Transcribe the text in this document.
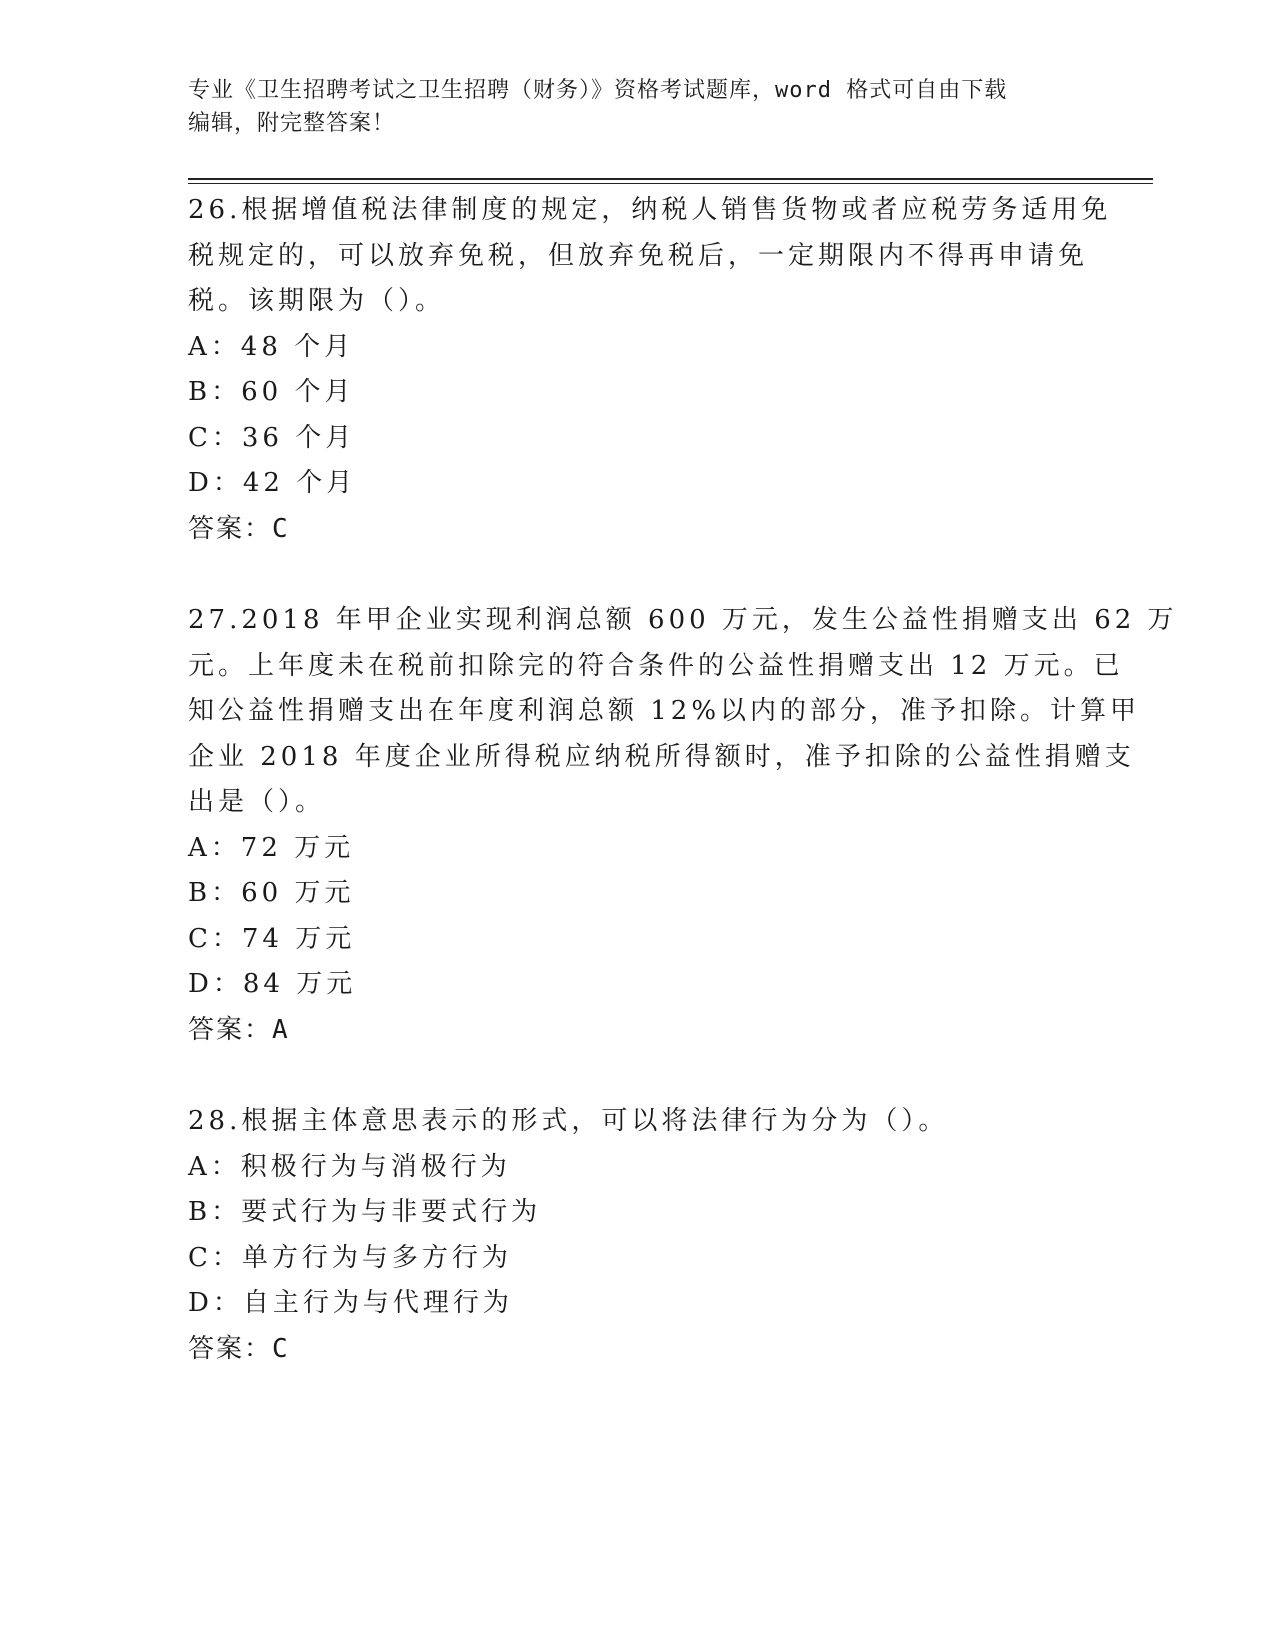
专业《卫生招聘考试之卫生招聘（财务）》资格考试题库，word 格式可自由下载
编辑，附完整答案！
26.根据增值税法律制度的规定，纳税人销售货物或者应税劳务适用免
税规定的，可以放弃免税，但放弃免税后，一定期限内不得再申请免
税。该期限为（）。
A：48 个月
B：60 个月
C：36 个月
D：42 个月
答案：C
27.2018 年甲企业实现利润总额 600 万元，发生公益性捐赠支出 62 万
元。上年度未在税前扣除完的符合条件的公益性捐赠支出 12 万元。已
知公益性捐赠支出在年度利润总额 12%以内的部分，准予扣除。计算甲
企业 2018 年度企业所得税应纳税所得额时，准予扣除的公益性捐赠支
出是（）。
A：72 万元
B：60 万元
C：74 万元
D：84 万元
答案：A
28.根据主体意思表示的形式，可以将法律行为分为（）。
A：积极行为与消极行为
B：要式行为与非要式行为
C：单方行为与多方行为
D：自主行为与代理行为
答案：C
